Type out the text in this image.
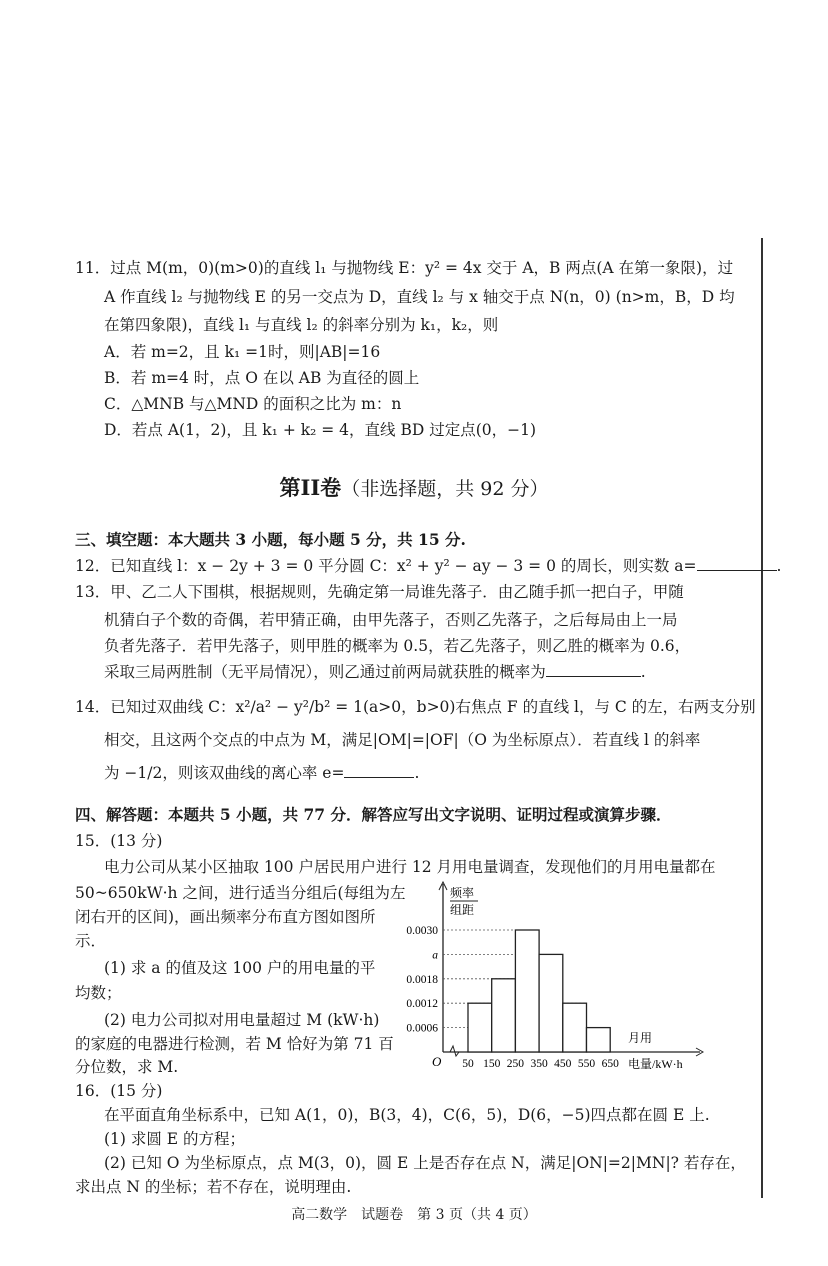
11．过点 M(m，0)(m>0)的直线 l₁ 与抛物线 E：y² = 4x 交于 A，B 两点(A 在第一象限)，过
A 作直线 l₂ 与抛物线 E 的另一交点为 D，直线 l₂ 与 x 轴交于点 N(n，0) (n>m，B，D 均
在第四象限)，直线 l₁ 与直线 l₂ 的斜率分别为 k₁，k₂，则
A．若 m=2，且 k₁ =1时，则|AB|=16
B．若 m=4 时，点 O 在以 AB 为直径的圆上
C．△MNB 与△MND 的面积之比为 m：n
D．若点 A(1，2)，且 k₁ + k₂ = 4，直线 BD 过定点(0，−1)
第II卷（非选择题，共 92 分）
三、填空题：本大题共 3 小题，每小题 5 分，共 15 分.
12．已知直线 l：x − 2y + 3 = 0 平分圆 C：x² + y² − ay − 3 = 0 的周长，则实数 a=	.
13．甲、乙二人下围棋，根据规则，先确定第一局谁先落子．由乙随手抓一把白子，甲随
机猜白子个数的奇偶，若甲猜正确，由甲先落子，否则乙先落子，之后每局由上一局
负者先落子．若甲先落子，则甲胜的概率为 0.5，若乙先落子，则乙胜的概率为 0.6，
采取三局两胜制（无平局情况），则乙通过前两局就获胜的概率为	.
14．已知过双曲线 C：x²/a² − y²/b² = 1(a>0，b>0)右焦点 F 的直线 l，与 C 的左，右两支分别
相交，且这两个交点的中点为 M，满足|OM|=|OF|（O 为坐标原点）．若直线 l 的斜率
为 −1/2，则该双曲线的离心率 e=	.
四、解答题：本题共 5 小题，共 77 分．解答应写出文字说明、证明过程或演算步骤．
15．(13 分)
电力公司从某小区抽取 100 户居民用户进行 12 月用电量调查，发现他们的月用电量都在
50~650kW·h 之间，进行适当分组后(每组为左
闭右开的区间)，画出频率分布直方图如图所
示．
(1) 求 a 的值及这 100 户的用电量的平
均数；
(2) 电力公司拟对用电量超过 M (kW·h)
的家庭的电器进行检测，若 M 恰好为第 71 百
分位数，求 M.
0.0006
0.0012
0.0018
a
0.0030
50 150 250 350 450 550 650
频率
组距
月用
电量/kW·h
O
16．(15 分)
在平面直角坐标系中，已知 A(1，0)，B(3，4)，C(6，5)，D(6，−5)四点都在圆 E 上.
(1) 求圆 E 的方程；
(2) 已知 O 为坐标原点，点 M(3，0)，圆 E 上是否存在点 N，满足|ON|=2|MN|? 若存在，
求出点 N 的坐标；若不存在，说明理由.
高二数学　试题卷　第 3 页（共 4 页）
